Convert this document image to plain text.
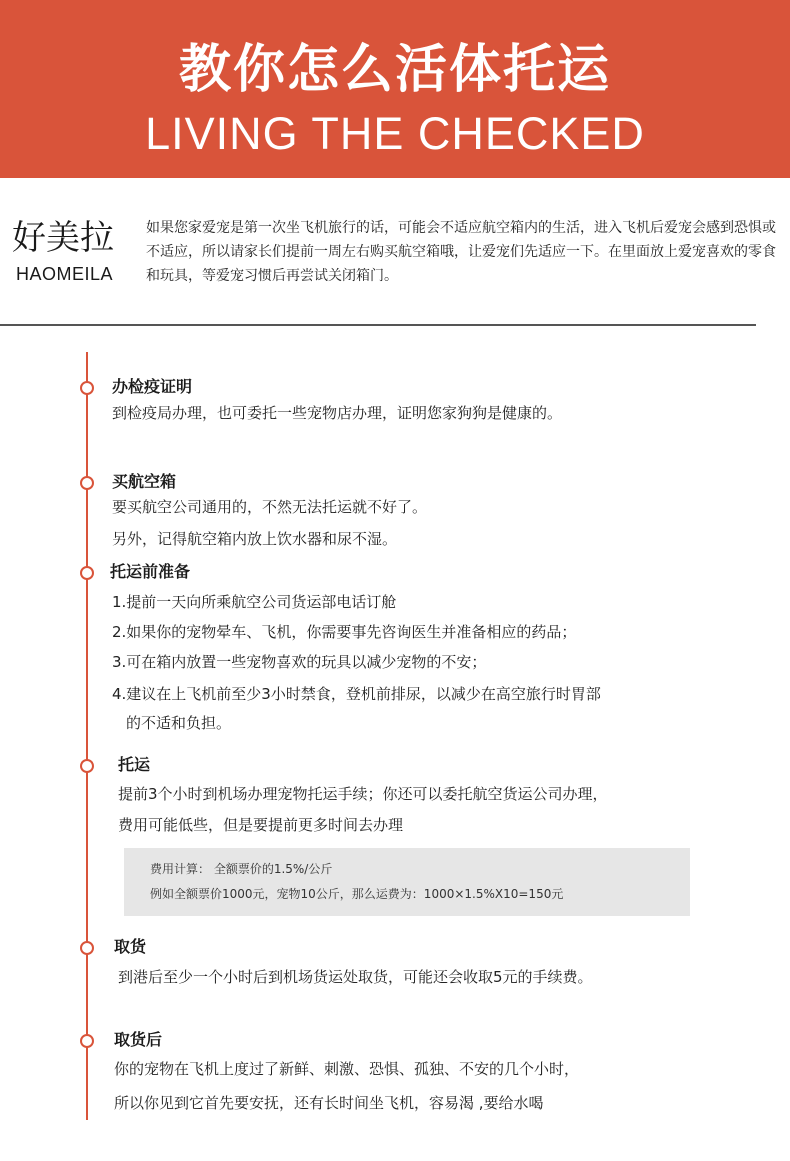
教你怎么活体托运
LIVING THE CHECKED
好美拉
HAOMEILA
如果您家爱宠是第一次坐飞机旅行的话，可能会不适应航空箱内的生活，进入飞机后爱宠会感到恐惧或不适应，所以请家长们提前一周左右购买航空箱哦，让爱宠们先适应一下。在里面放上爱宠喜欢的零食和玩具，等爱宠习惯后再尝试关闭箱门。
办检疫证明
到检疫局办理，也可委托一些宠物店办理，证明您家狗狗是健康的。
买航空箱
要买航空公司通用的，不然无法托运就不好了。
另外，记得航空箱内放上饮水器和尿不湿。
托运前准备
1.提前一天向所乘航空公司货运部电话订舱
2.如果你的宠物晕车、飞机，你需要事先咨询医生并准备相应的药品；
3.可在箱内放置一些宠物喜欢的玩具以减少宠物的不安；
4.建议在上飞机前至少3小时禁食，登机前排尿，以减少在高空旅行时胃部
的不适和负担。
托运
提前3个小时到机场办理宠物托运手续；你还可以委托航空货运公司办理，
费用可能低些，但是要提前更多时间去办理
费用计算： 全额票价的1.5%/公斤
例如全额票价1000元，宠物10公斤，那么运费为：1000×1.5%X10=150元
取货
到港后至少一个小时后到机场货运处取货，可能还会收取5元的手续费。
取货后
你的宠物在飞机上度过了新鲜、刺激、恐惧、孤独、不安的几个小时，
所以你见到它首先要安抚，还有长时间坐飞机，容易渴 ,要给水喝
